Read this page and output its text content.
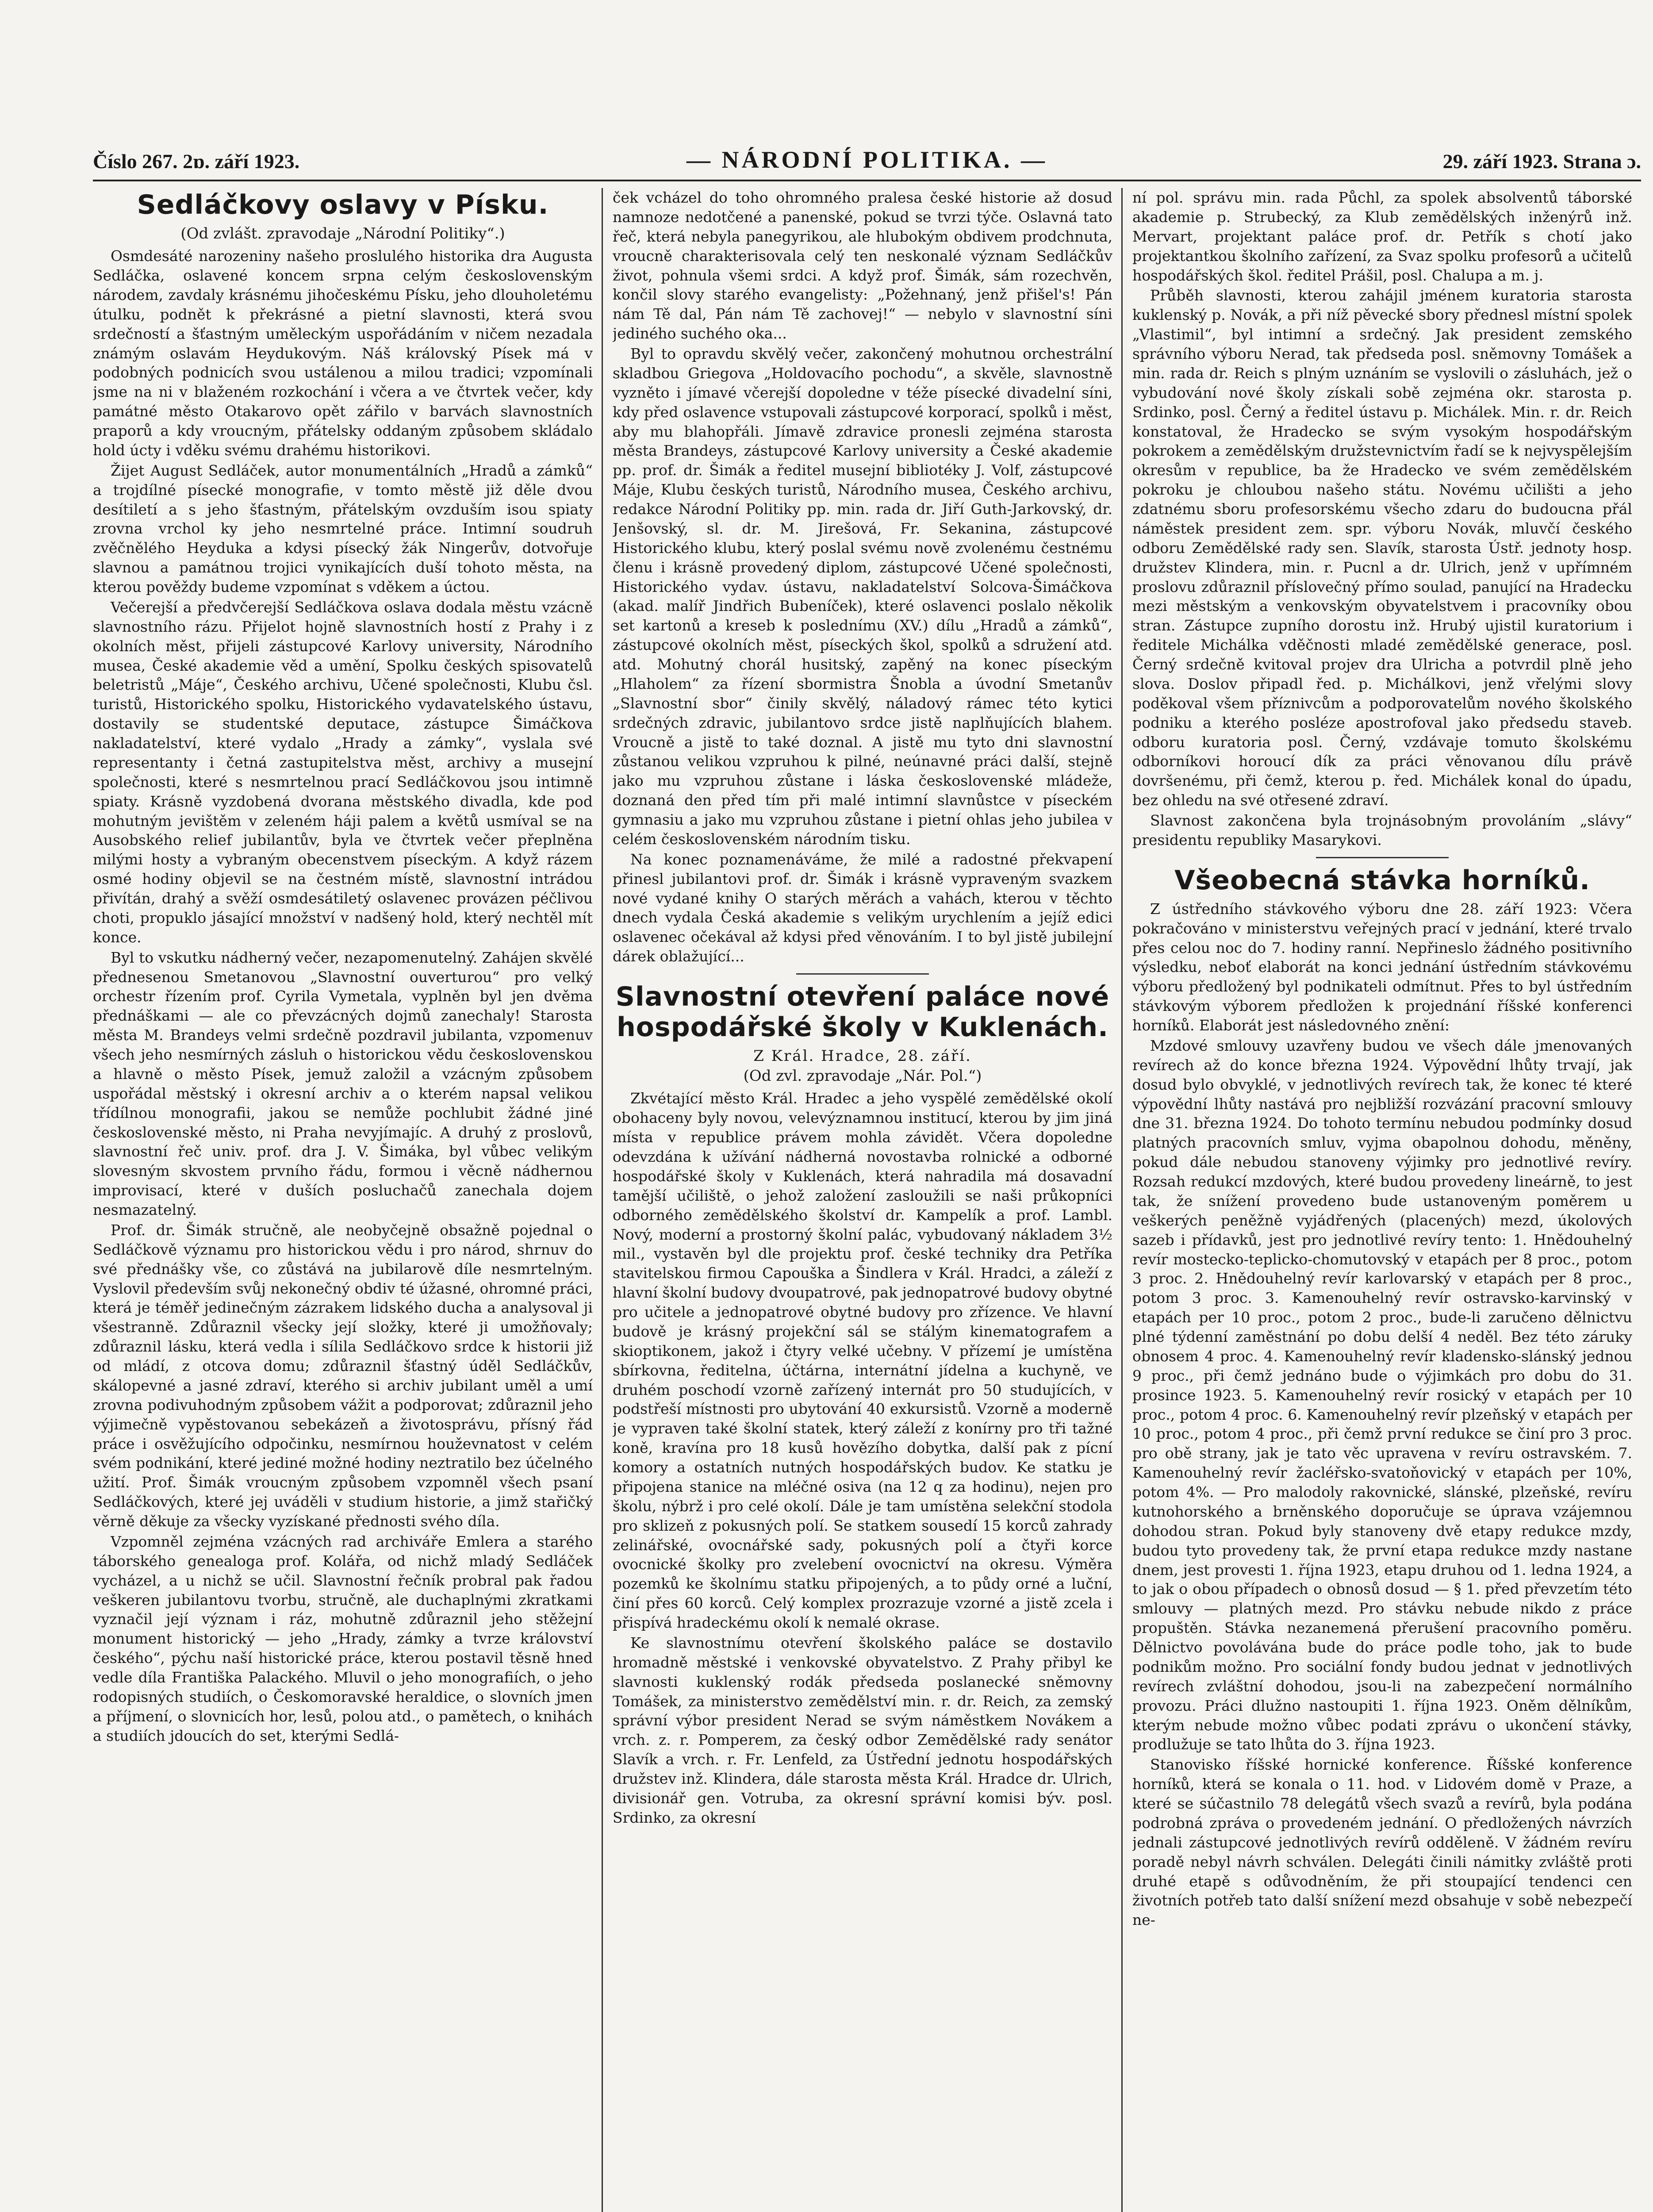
Číslo 267. 2ɒ. září 1923.	— NÁRODNÍ POLITIKA. —	29. září 1923. Strana ɔ.
Sedláčkovy oslavy v Písku.
(Od zvlášt. zpravodaje „Národní Politiky“.)

Osmdesáté narozeniny našeho proslulého historika dra Augusta Sedláčka, oslavené koncem srpna celým československým národem, zavdaly krásnému jihočeskému Písku, jeho dlouholetému útulku, podnět k překrásné a pietní slavnosti, která svou srdečností a šťastným uměleckým uspořádáním v ničem nezadala známým oslavám Heydukovým. Náš královský Písek má v podobných podnicích svou ustálenou a milou tradici; vzpomínali jsme na ni v blaženém rozkochání i včera a ve čtvrtek večer, kdy památné město Otakarovo opět zářilo v barvách slavnostních praporů a kdy vroucným, přátelsky oddaným způsobem skládalo hold úcty i vděku svému drahému historikovi.

Žijet August Sedláček, autor monumentálních „Hradů a zámků“ a trojdílné písecké monografie, v tomto městě již děle dvou desítiletí a s jeho šťastným, přátelským ovzduším isou spiaty zrovna vrchol ky jeho nesmrtelné práce. Intimní soudruh zvěčnělého Heyduka a kdysi písecký žák Ningerův, dotvořuje slavnou a památnou trojici vynikajících duší tohoto města, na kterou pověždy budeme vzpomínat s vděkem a úctou.

Večerejší a předvčerejší Sedláčkova oslava dodala městu vzácně slavnostního rázu. Přijelot hojně slavnostních hostí z Prahy i z okolních měst, přijeli zástupcové Karlovy university, Národního musea, České akademie věd a umění, Spolku českých spisovatelů beletristů „Máje“, Českého archivu, Učené společnosti, Klubu čsl. turistů, Historického spolku, Historického vydavatelského ústavu, dostavily se studentské deputace, zástupce Šimáčkova nakladatelství, které vydalo „Hrady a zámky“, vyslala své representanty i četná zastupitelstva měst, archivy a musejní společnosti, které s nesmrtelnou prací Sedláčkovou jsou intimně spiaty. Krásně vyzdobená dvorana městského divadla, kde pod mohutným jevištěm v zeleném háji palem a květů usmíval se na Ausobského relief jubilantův, byla ve čtvrtek večer přeplněna milými hosty a vybraným obecenstvem píseckým. A když rázem osmé hodiny objevil se na čestném místě, slavnostní intrádou přivítán, drahý a svěží osmdesátiletý oslavenec provázen péčlivou choti, propuklo jásající množství v nadšený hold, který nechtěl mít konce.

Byl to vskutku nádherný večer, nezapomenutelný. Zahájen skvělé přednesenou Smetanovou „Slavnostní ouverturou“ pro velký orchestr řízením prof. Cyrila Vymetala, vyplněn byl jen dvěma přednáškami — ale co převzácných dojmů zanechaly! Starosta města M. Brandeys velmi srdečně pozdravil jubilanta, vzpomenuv všech jeho nesmírných zásluh o historickou vědu československou a hlavně o město Písek, jemuž založil a vzácným způsobem uspořádal městský i okresní archiv a o kterém napsal velikou třídílnou monografii, jakou se nemůže pochlubit žádné jiné československé město, ni Praha nevyjímajíc. A druhý z proslovů, slavnostní řeč univ. prof. dra J. V. Šimáka, byl vůbec velikým slovesným skvostem prvního řádu, formou i věcně nádhernou improvisací, které v duších posluchačů zanechala dojem nesmazatelný.

Prof. dr. Šimák stručně, ale neobyčejně obsažně pojednal o Sedláčkově významu pro historickou vědu i pro národ, shrnuv do své přednášky vše, co zůstává na jubilarově díle nesmrtelným. Vyslovil především svůj nekonečný obdiv té úžasné, ohromné práci, která je téměř jedinečným zázrakem lidského ducha a analysoval ji všestranně. Zdůraznil všecky její složky, které ji umožňovaly; zdůraznil lásku, která vedla i sílila Sedláčkovo srdce k historii již od mládí, z otcova domu; zdůraznil šťastný úděl Sedláčkův, skálopevné a jasné zdraví, kterého si archiv jubilant uměl a umí zrovna podivuhodným způsobem vážit a podporovat; zdůraznil jeho výjimečně vypěstovanou sebekázeň a životosprávu, přísný řád práce i osvěžujícího odpočinku, nesmírnou houževnatost v celém svém podnikání, které jediné možné hodiny neztratilo bez účelného užití. Prof. Šimák vroucným způsobem vzpomněl všech psaní Sedláčkových, které jej uváděli v studium historie, a jimž stařičký věrně děkuje za všecky vyzískané přednosti svého díla.

Vzpomněl zejména vzácných rad archiváře Emlera a starého táborského genealoga prof. Kolářa, od nichž mladý Sedláček vycházel, a u nichž se učil. Slavnostní řečník probral pak řadou veškeren jubilantovu tvorbu, stručně, ale duchaplnými zkratkami vyznačil její význam i ráz, mohutně zdůraznil jeho stěžejní monument historický — jeho „Hrady, zámky a tvrze království českého“, pýchu naší historické práce, kterou postavil těsně hned vedle díla Františka Palackého. Mluvil o jeho monografiích, o jeho rodopisných studiích, o Českomoravské heraldice, o slovních jmen a příjmení, o slovnicích hor, lesů, polou atd., o pamětech, o knihách a studiích jdoucích do set, kterými Sedlá-

ček vcházel do toho ohromného pralesa české historie až dosud namnoze nedotčené a panenské, pokud se tvrzi týče. Oslavná tato řeč, která nebyla panegyrikou, ale hlubokým obdivem prodchnuta, vroucně charakterisovala celý ten neskonalé význam Sedláčkův život, pohnula všemi srdci. A když prof. Šimák, sám rozechvěn, končil slovy starého evangelisty: „Požehnaný, jenž přišel's! Pán nám Tě dal, Pán nám Tě zachovej!“ — nebylo v slavnostní síni jediného suchého oka...

Byl to opravdu skvělý večer, zakončený mohutnou orchestrální skladbou Griegova „Holdovacího pochodu“, a skvěle, slavnostně vyzněto i jímavé včerejší dopoledne v téže písecké divadelní síni, kdy před oslavence vstupovali zástupcové korporací, spolků i měst, aby mu blahopřáli. Jímavě zdravice pronesli zejména starosta města Brandeys, zástupcové Karlovy university a České akademie pp. prof. dr. Šimák a ředitel musejní bibliotéky J. Volf, zástupcové Máje, Klubu českých turistů, Národního musea, Českého archivu, redakce Národní Politiky pp. min. rada dr. Jiří Guth-Jarkovský, dr. Jenšovský, sl. dr. M. Jirešová, Fr. Sekanina, zástupcové Historického klubu, který poslal svému nově zvolenému čestnému členu i krásně provedený diplom, zástupcové Učené společnosti, Historického vydav. ústavu, nakladatelství Solcova-Šimáčkova (akad. malíř Jindřich Bubeníček), které oslavenci poslalo několik set kartonů a kreseb k poslednímu (XV.) dílu „Hradů a zámků“, zástupcové okolních měst, píseckých škol, spolků a sdružení atd. atd. Mohutný chorál husitský, zapěný na konec píseckým „Hlaholem“ za řízení sbormistra Šnobla a úvodní Smetanův „Slavnostní sbor“ činily skvělý, náladový rámec této kytici srdečných zdravic, jubilantovo srdce jistě naplňujících blahem. Vroucně a jistě to také doznal. A jistě mu tyto dni slavnostní zůstanou velikou vzpruhou k pilné, neúnavné práci další, stejně jako mu vzpruhou zůstane i láska československé mládeže, doznaná den před tím při malé intimní slavnůstce v píseckém gymnasiu a jako mu vzpruhou zůstane i pietní ohlas jeho jubilea v celém československém národním tisku.

Na konec poznamenáváme, že milé a radostné překvapení přinesl jubilantovi prof. dr. Šimák i krásně vypraveným svazkem nové vydané knihy O starých měrách a vahách, kterou v těchto dnech vydala Česká akademie s velikým urychlením a jejíž edici oslavenec očekával až kdysi před věnováním. I to byl jistě jubilejní dárek oblažující...

Slavnostní otevření paláce nové hospodářské školy v Kuklenách.
Z Král. Hradce, 28. září.
(Od zvl. zpravodaje „Nár. Pol.“)

Zkvétající město Král. Hradec a jeho vyspělé zemědělské okolí obohaceny byly novou, velevýznamnou institucí, kterou by jim jiná místa v republice právem mohla závidět. Včera dopoledne odevzdána k užívání nádherná novostavba rolnické a odborné hospodářské školy v Kuklenách, která nahradila má dosavadní tamější učiliště, o jehož založení zasloužili se naši průkopníci odborného zemědělského školství dr. Kampelík a prof. Lambl. Nový, moderní a prostorný školní palác, vybudovaný nákladem 3½ mil., vystavěn byl dle projektu prof. české techniky dra Petříka stavitelskou firmou Capouška a Šindlera v Král. Hradci, a záleží z hlavní školní budovy dvoupatrové, pak jednopatrové budovy obytné pro učitele a jednopatrové obytné budovy pro zřízence. Ve hlavní budově je krásný projekční sál se stálým kinematografem a skioptikonem, jakož i čtyry velké učebny. V přízemí je umístěna sbírkovna, ředitelna, účtárna, internátní jídelna a kuchyně, ve druhém poschodí vzorně zařízený internát pro 50 studujících, v podstřeší místnosti pro ubytování 40 exkursistů. Vzorně a moderně je vypraven také školní statek, který záleží z konírny pro tři tažné koně, kravína pro 18 kusů hovězího dobytka, další pak z pícní komory a ostatních nutných hospodářských budov. Ke statku je připojena stanice na mléčné osiva (na 12 q za hodinu), nejen pro školu, nýbrž i pro celé okolí. Dále je tam umístěna selekční stodola pro sklizeň z pokusných polí. Se statkem sousedí 15 korců zahrady zelinářské, ovocnářské sady, pokusných polí a čtyři korce ovocnické školky pro zvelebení ovocnictví na okresu. Výměra pozemků ke školnímu statku připojených, a to půdy orné a luční, činí přes 60 korců. Celý komplex prozrazuje vzorné a jistě zcela i přispívá hradeckému okolí k nemalé okrase.

Ke slavnostnímu otevření školského paláce se dostavilo hromadně městské i venkovské obyvatelstvo. Z Prahy přibyl ke slavnosti kuklenský rodák předseda poslanecké sněmovny Tomášek, za ministerstvo zemědělství min. r. dr. Reich, za zemský správní výbor president Nerad se svým náměstkem Novákem a vrch. z. r. Pomperem, za český odbor Zemědělské rady senátor Slavík a vrch. r. Fr. Lenfeld, za Ústřední jednotu hospodářských družstev inž. Klindera, dále starosta města Král. Hradce dr. Ulrich, divisionář gen. Votruba, za okresní správní komisi býv. posl. Srdinko, za okresní

ní pol. správu min. rada Půchl, za spolek absolventů táborské akademie p. Strubecký, za Klub zemědělských inženýrů inž. Mervart, projektant paláce prof. dr. Petřík s chotí jako projektantkou školního zařízení, za Svaz spolku profesorů a učitelů hospodářských škol. ředitel Prášil, posl. Chalupa a m. j.

Průběh slavnosti, kterou zahájil jménem kuratoria starosta kuklenský p. Novák, a při níž pěvecké sbory přednesl místní spolek „Vlastimil“, byl intimní a srdečný. Jak president zemského správního výboru Nerad, tak předseda posl. sněmovny Tomášek a min. rada dr. Reich s plným uznáním se vyslovili o zásluhách, jež o vybudování nové školy získali sobě zejména okr. starosta p. Srdinko, posl. Černý a ředitel ústavu p. Michálek. Min. r. dr. Reich konstatoval, že Hradecko se svým vysokým hospodářským pokrokem a zemědělským družstevnictvím řadí se k nejvyspělejším okresům v republice, ba že Hradecko ve svém zemědělském pokroku je chloubou našeho státu. Novému učilišti a jeho zdatnému sboru profesorskému všecho zdaru do budoucna přál náměstek president zem. spr. výboru Novák, mluvčí českého odboru Zemědělské rady sen. Slavík, starosta Ústř. jednoty hosp. družstev Klindera, min. r. Pucnl a dr. Ulrich, jenž v upřímném proslovu zdůraznil příslovečný přímo soulad, panující na Hradecku mezi městským a venkovským obyvatelstvem i pracovníky obou stran. Zástupce zupního dorostu inž. Hrubý ujistil kuratorium i ředitele Michálka vděčnosti mladé zemědělské generace, posl. Černý srdečně kvitoval projev dra Ulricha a potvrdil plně jeho slova. Doslov připadl řed. p. Michálkovi, jenž vřelými slovy poděkoval všem příznivcům a podporovatelům nového školského podniku a kterého posléze apostrofoval jako předsedu staveb. odboru kuratoria posl. Černý, vzdávaje tomuto školskému odborníkovi horoucí dík za práci věnovanou dílu právě dovršenému, při čemž, kterou p. řed. Michálek konal do úpadu, bez ohledu na své otřesené zdraví.

Slavnost zakončena byla trojnásobným provoláním „slávy“ presidentu republiky Masarykovi.

Všeobecná stávka horníků.

Z ústředního stávkového výboru dne 28. září 1923: Včera pokračováno v ministerstvu veřejných prací v jednání, které trvalo přes celou noc do 7. hodiny ranní. Nepřineslo žádného positivního výsledku, neboť elaborát na konci jednání ústředním stávkovému výboru předložený byl podnikateli odmítnut. Přes to byl ústředním stávkovým výborem předložen k projednání říšské konferenci horníků. Elaborát jest následovného znění:

Mzdové smlouvy uzavřeny budou ve všech dále jmenovaných revírech až do konce března 1924. Výpovědní lhůty trvají, jak dosud bylo obvyklé, v jednotlivých revírech tak, že konec té které výpovědní lhůty nastává pro nejbližší rozvázání pracovní smlouvy dne 31. března 1924. Do tohoto termínu nebudou podmínky dosud platných pracovních smluv, vyjma obapolnou dohodu, měněny, pokud dále nebudou stanoveny výjimky pro jednotlivé revíry. Rozsah redukcí mzdových, které budou provedeny lineárně, to jest tak, že snížení provedeno bude ustanoveným poměrem u veškerých peněžně vyjádřených (placených) mezd, úkolových sazeb i přídavků, jest pro jednotlivé revíry tento: 1. Hnědouhelný revír mostecko-teplicko-chomutovský v etapách per 8 proc., potom 3 proc. 2. Hnědouhelný revír karlovarský v etapách per 8 proc., potom 3 proc. 3. Kamenouhelný revír ostravsko-karvinský v etapách per 10 proc., potom 2 proc., bude-li zaručeno dělnictvu plné týdenní zaměstnání po dobu delší 4 neděl. Bez této záruky obnosem 4 proc. 4. Kamenouhelný revír kladensko-slánský jednou 9 proc., při čemž jednáno bude o výjimkách pro dobu do 31. prosince 1923. 5. Kamenouhelný revír rosický v etapách per 10 proc., potom 4 proc. 6. Kamenouhelný revír plzeňský v etapách per 10 proc., potom 4 proc., při čemž první redukce se činí pro 3 proc. pro obě strany, jak je tato věc upravena v revíru ostravském. 7. Kamenouhelný revír žacléřsko-svatoňovický v etapách per 10%, potom 4%. — Pro malodoly rakovnické, slánské, plzeňské, revíru kutnohorského a brněnského doporučuje se úprava vzájemnou dohodou stran. Pokud byly stanoveny dvě etapy redukce mzdy, budou tyto provedeny tak, že první etapa redukce mzdy nastane dnem, jest provesti 1. října 1923, etapu druhou od 1. ledna 1924, a to jak o obou případech o obnosů dosud — § 1. před převzetím této smlouvy — platných mezd. Pro stávku nebude nikdo z práce propuštěn. Stávka nezanemená přerušení pracovního poměru. Dělnictvo povolávána bude do práce podle toho, jak to bude podnikům možno. Pro sociální fondy budou jednat v jednotlivých revírech zvláštní dohodou, jsou-li na zabezpečení normálního provozu. Práci dlužno nastoupiti 1. října 1923. Oněm dělníkům, kterým nebude možno vůbec podati zprávu o ukončení stávky, prodlužuje se tato lhůta do 3. října 1923.

Stanovisko říšské hornické konference. Říšské konference horníků, která se konala o 11. hod. v Lidovém domě v Praze, a které se súčastnilo 78 delegátů všech svazů a revírů, byla podána podrobná zpráva o provedeném jednání. O předložených návrzích jednali zástupcové jednotlivých revírů odděleně. V žádném revíru poradě nebyl návrh schválen. Delegáti činili námitky zvláště proti druhé etapě s odůvodněním, že při stoupající tendenci cen životních potřeb tato další snížení mezd obsahuje v sobě nebezpečí ne-
